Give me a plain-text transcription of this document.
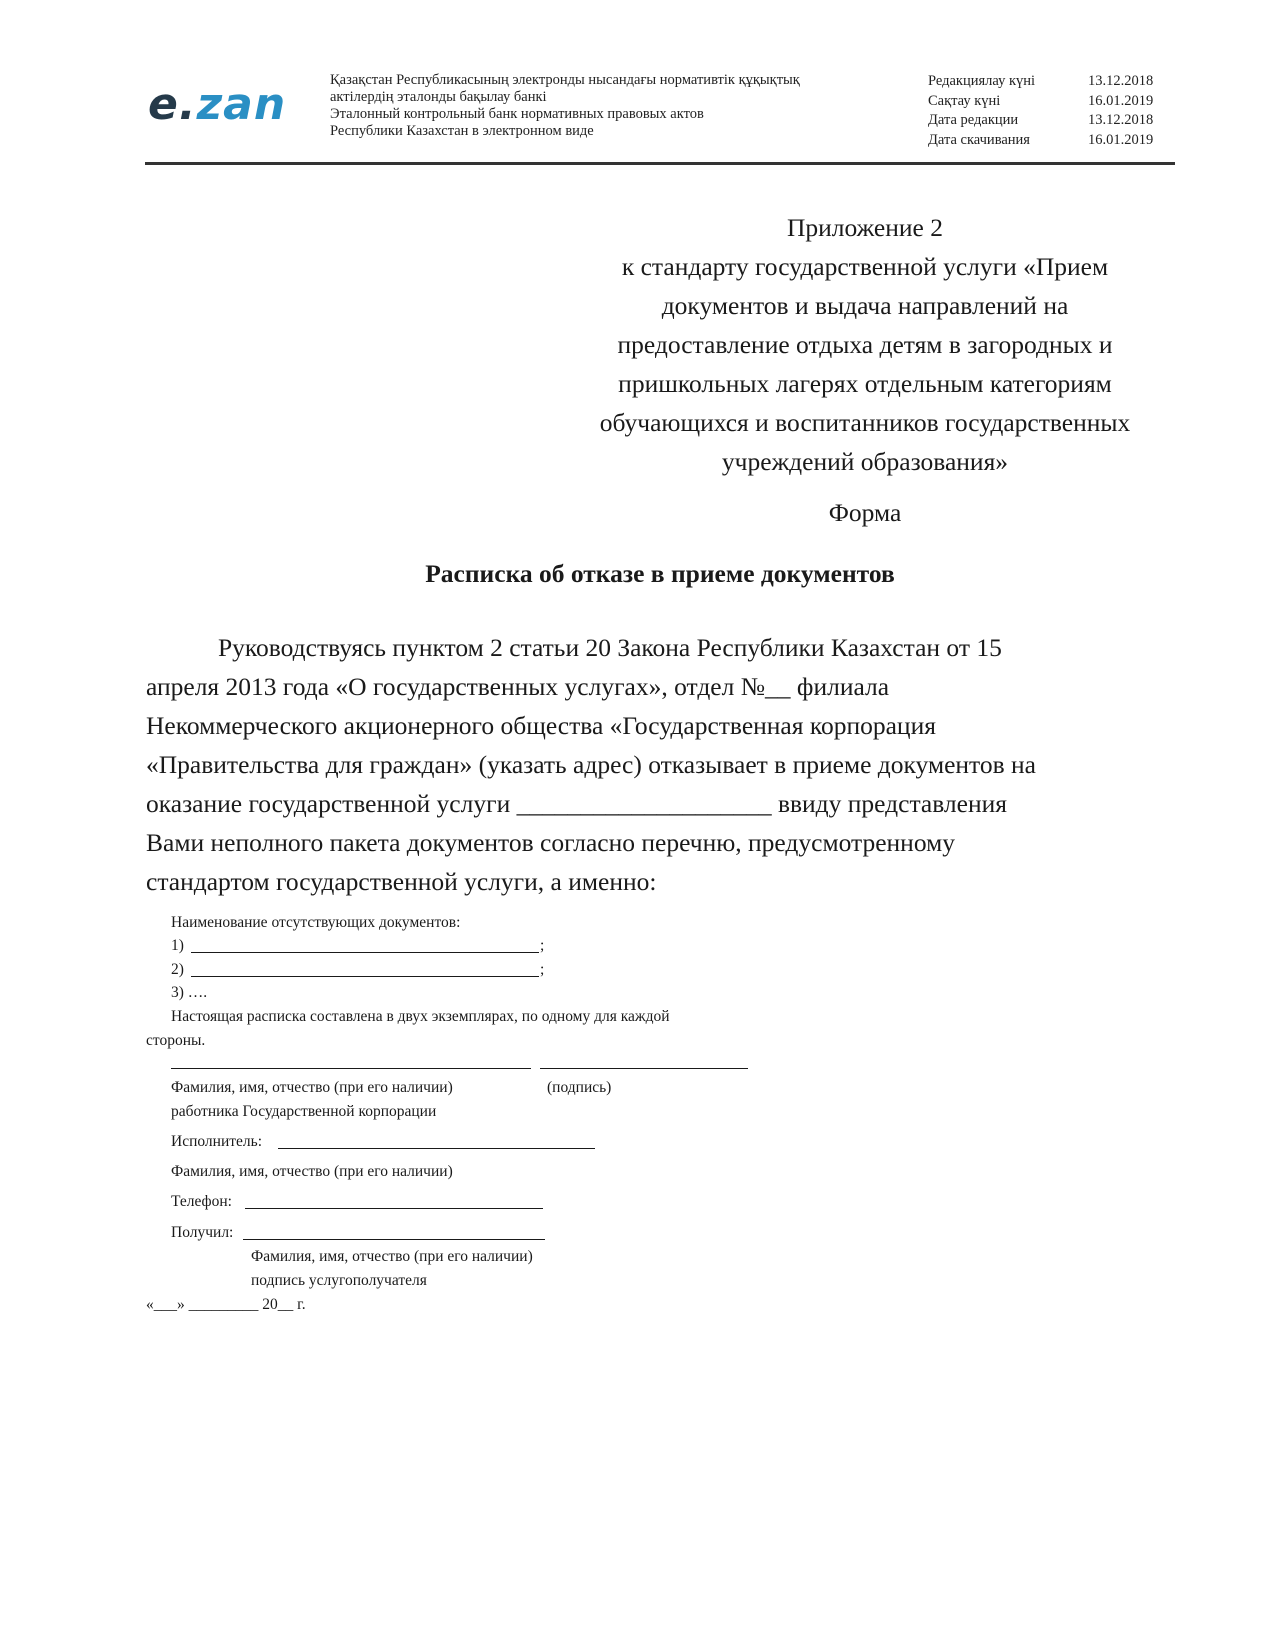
e.zan	Қазақстан Республикасының электронды нысандағы нормативтік құқықтық
актілердің эталонды бақылау банкі
Эталонный контрольный банк нормативных правовых актов
Республики Казахстан в электронном виде
Редакциялау күні	13.12.2018
Сақтау күні	16.01.2019
Дата редакции	13.12.2018
Дата скачивания	16.01.2019
Приложение 2
к стандарту государственной услуги «Прием
документов и выдача направлений на
предоставление отдыха детям в загородных и
пришкольных лагерях отдельным категориям
обучающихся и воспитанников государственных
учреждений образования»
Форма
Расписка об отказе в приеме документов
Руководствуясь пунктом 2 статьи 20 Закона Республики Казахстан от 15
апреля 2013 года «О государственных услугах», отдел №__ филиала
Некоммерческого акционерного общества «Государственная корпорация
«Правительства для граждан» (указать адрес) отказывает в приеме документов на
оказание государственной услуги ____________________ ввиду представления
Вами неполного пакета документов согласно перечню, предусмотренному
стандартом государственной услуги, а именно:
Наименование отсутствующих документов:
1)	;
2)	;
3) ….
Настоящая расписка составлена в двух экземплярах, по одному для каждой
стороны.
Фамилия, имя, отчество (при его наличии)	(подпись)
работника Государственной корпорации
Исполнитель:
Фамилия, имя, отчество (при его наличии)
Телефон:
Получил:
Фамилия, имя, отчество (при его наличии)
подпись услугополучателя
«___» _________ 20__ г.
